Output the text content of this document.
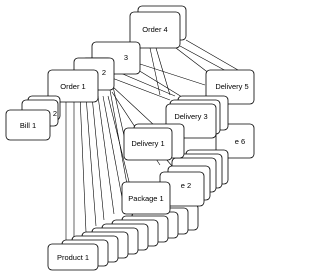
Product 1
e 6
e 2
Package 1
Delivery 5
Delivery 3
Delivery 1
Order 4
3
2
Order 1
2
Bill 1
